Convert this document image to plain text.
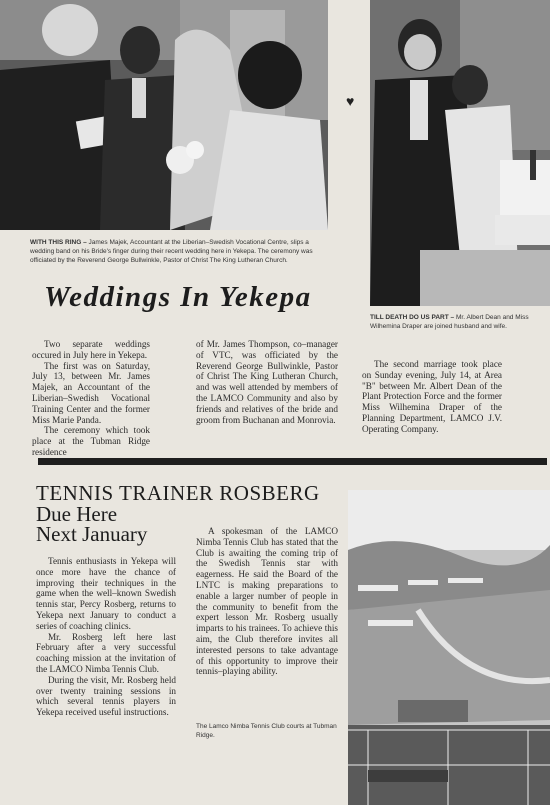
WITH THIS RING – James Majek, Accountant at the Liberian–Swedish Vocational Centre, slips a wedding band on his Bride's finger during their recent wedding here in Yekepa. The ceremony was officiated by the Reverend George Bullwinkle, Pastor of Christ The King Lutheran Church.
♥
TILL DEATH DO US PART – Mr. Albert Dean and Miss Wilhemina Draper are joined husband and wife.
Weddings In Yekepa

Two separate weddings occured in July here in Yekepa.

The first was on Saturday, July 13, between Mr. James Majek, an Accountant of the Liberian–Swedish Vocational Training Center and the former Miss Marie Panda.

The ceremony which took place at the Tubman Ridge residence

of Mr. James Thompson, co–manager of VTC, was officiated by the Reverend George Bullwinkle, Pastor of Christ The King Lutheran Church, and was well attended by members of the LAMCO Community and also by friends and relatives of the bride and groom from Buchanan and Monrovia.

The second marriage took place on Sunday evening, July 14, at Area "B" between Mr. Albert Dean of the Plant Protection Force and the former Miss Wilhemina Draper of the Planning Department, LAMCO J.V. Operating Company.

TENNIS TRAINER ROSBERG
Due Here
Next January

Tennis enthusiasts in Yekepa will once more have the chance of improving their techniques in the game when the well–known Swedish tennis star, Percy Rosberg, returns to Yekepa next January to conduct a series of coaching clinics.

Mr. Rosberg left here last February after a very successful coaching mission at the invitation of the LAMCO Nimba Tennis Club.

During the visit, Mr. Rosberg held over twenty training sessions in which several tennis players in Yekepa received useful instructions.

A spokesman of the LAMCO Nimba Tennis Club has stated that the Club is awaiting the coming trip of the Swedish Tennis star with eagerness. He said the Board of the LNTC is making preparations to enable a larger number of people in the community to benefit from the expert lesson Mr. Rosberg usually imparts to his trainees. To achieve this aim, the Club therefore invites all interested persons to take advantage of this opportunity to improve their tennis–playing ability.

The Lamco Nimba Tennis Club courts at Tubman Ridge.
